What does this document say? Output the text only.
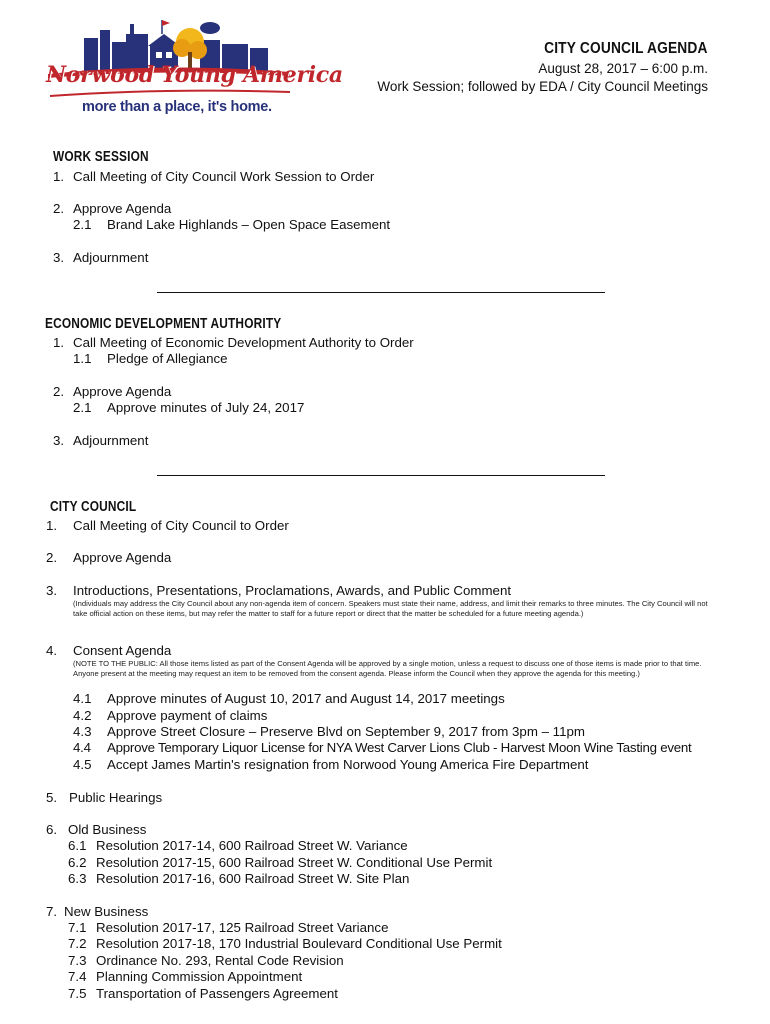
Norwood Young America
more than a place, it's home.
CITY COUNCIL AGENDA
August 28, 2017 – 6:00 p.m.
Work Session; followed by EDA / City Council Meetings
WORK SESSION
1. Call Meeting of City Council Work Session to Order
2. Approve Agenda
2.1 Brand Lake Highlands – Open Space Easement
3. Adjournment
ECONOMIC DEVELOPMENT AUTHORITY
1. Call Meeting of Economic Development Authority to Order
1.1 Pledge of Allegiance
2. Approve Agenda
2.1 Approve minutes of July 24, 2017
3. Adjournment
CITY COUNCIL
1. Call Meeting of City Council to Order
2. Approve Agenda
3. Introductions, Presentations, Proclamations, Awards, and Public Comment
(Individuals may address the City Council about any non-agenda item of concern. Speakers must state their name, address, and limit their remarks to three minutes. The City Council will not take official action on these items, but may refer the matter to staff for a future report or direct that the matter be scheduled for a future meeting agenda.)
4. Consent Agenda
(NOTE TO THE PUBLIC: All those items listed as part of the Consent Agenda will be approved by a single motion, unless a request to discuss one of those items is made prior to that time. Anyone present at the meeting may request an item to be removed from the consent agenda. Please inform the Council when they approve the agenda for this meeting.)
4.1 Approve minutes of August 10, 2017 and August 14, 2017 meetings
4.2 Approve payment of claims
4.3 Approve Street Closure – Preserve Blvd on September 9, 2017 from 3pm – 11pm
4.4 Approve Temporary Liquor License for NYA West Carver Lions Club - Harvest Moon Wine Tasting event
4.5 Accept James Martin's resignation from Norwood Young America Fire Department
5. Public Hearings
6. Old Business
6.1 Resolution 2017-14, 600 Railroad Street W. Variance
6.2 Resolution 2017-15, 600 Railroad Street W. Conditional Use Permit
6.3 Resolution 2017-16, 600 Railroad Street W. Site Plan
7. New Business
7.1 Resolution 2017-17, 125 Railroad Street Variance
7.2 Resolution 2017-18, 170 Industrial Boulevard Conditional Use Permit
7.3 Ordinance No. 293, Rental Code Revision
7.4 Planning Commission Appointment
7.5 Transportation of Passengers Agreement
